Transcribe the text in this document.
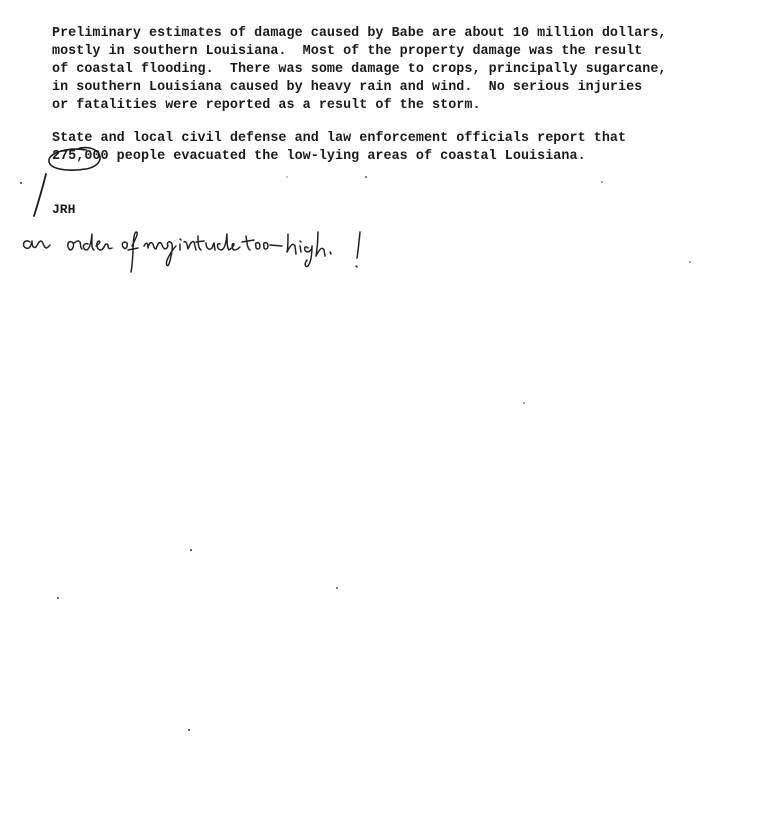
Preliminary estimates of damage caused by Babe are about 10 million dollars,
mostly in southern Louisiana.  Most of the property damage was the result
of coastal flooding.  There was some damage to crops, principally sugarcane,
in southern Louisiana caused by heavy rain and wind.  No serious injuries
or fatalities were reported as a result of the storm.
State and local civil defense and law enforcement officials report that
275,000 people evacuated the low-lying areas of coastal Louisiana.
JRH
